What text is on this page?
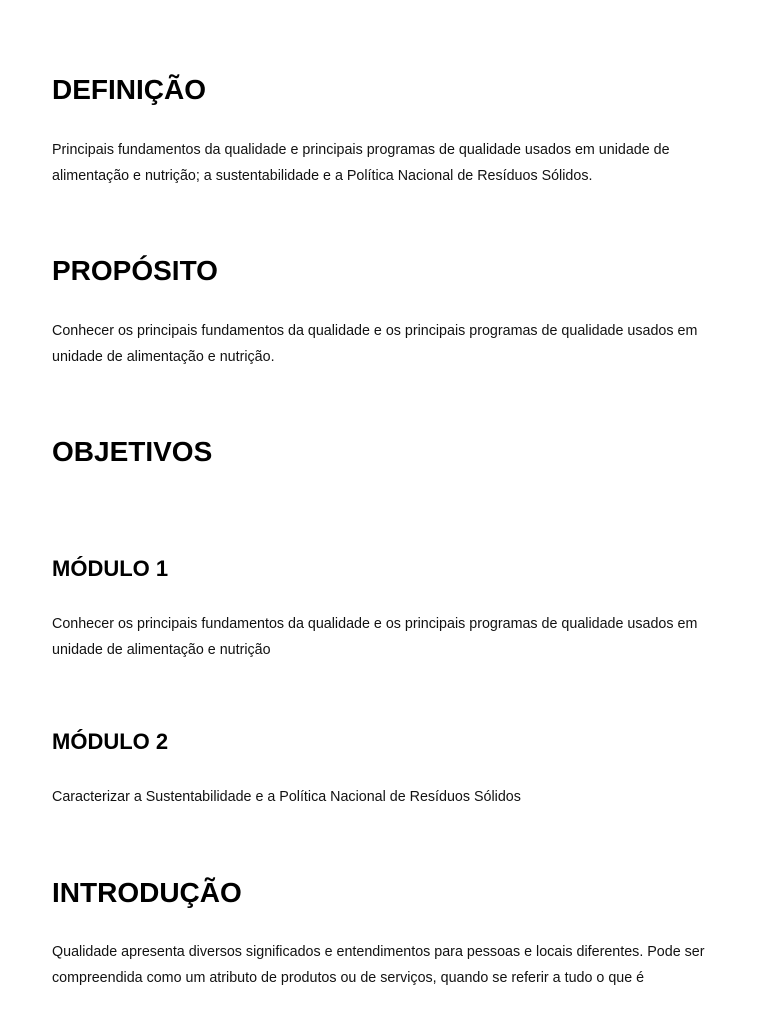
DEFINIÇÃO

Principais fundamentos da qualidade e principais programas de qualidade usados em unidade de alimentação e nutrição; a sustentabilidade e a Política Nacional de Resíduos Sólidos.

PROPÓSITO

Conhecer os principais fundamentos da qualidade e os principais programas de qualidade usados em unidade de alimentação e nutrição.

OBJETIVOS
MÓDULO 1

Conhecer os principais fundamentos da qualidade e os principais programas de qualidade usados em unidade de alimentação e nutrição

MÓDULO 2

Caracterizar a Sustentabilidade e a Política Nacional de Resíduos Sólidos

INTRODUÇÃO

Qualidade apresenta diversos significados e entendimentos para pessoas e locais diferentes. Pode ser compreendida como um atributo de produtos ou de serviços, quando se referir a tudo o que é
